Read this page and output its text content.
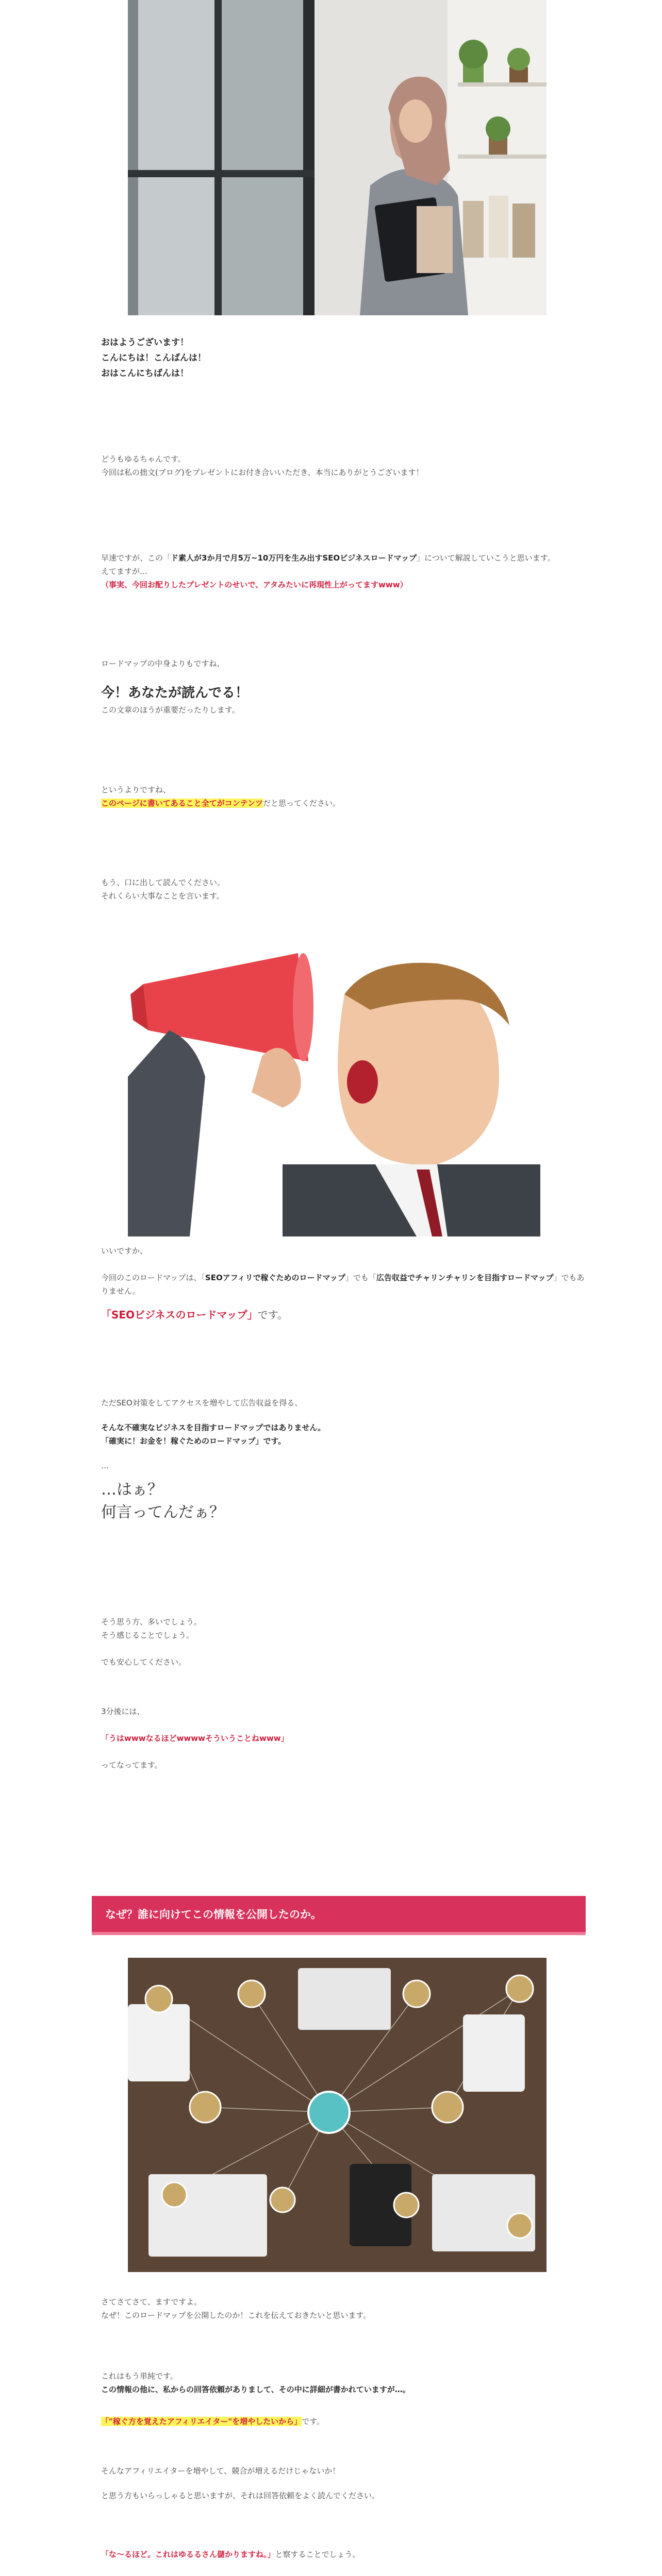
おはようございます！
こんにちは！こんばんは！
おはこんにちばんは！
どうもゆるちゃんです。
今回は私の拙文(ブログ)をプレゼントにお付き合いいただき、本当にありがとうございます！
早速ですが、この「ド素人が3か月で月5万~10万円を生み出すSEOビジネスロードマップ」について解説していこうと思います。
えてますが…
（事実、今回お配りしたプレゼントのせいで、アタみたいに再現性上がってますwww）
ロードマップの中身よりもですね、
今！あなたが読んでる！
この文章のほうが重要だったりします。
というよりですね、
このページに書いてあること全てがコンテンツだと思ってください。
もう、口に出して読んでください。
それくらい大事なことを言います。
いいですか、
今回のこのロードマップは、「SEOアフィリで稼ぐためのロードマップ」でも「広告収益でチャリンチャリンを目指すロードマップ」でもありません。
「SEOビジネスのロードマップ」です。
ただSEO対策をしてアクセスを増やして広告収益を得る、
そんな不確実なビジネスを目指すロードマップではありません。
「確実に！お金を！稼ぐためのロードマップ」です。
…
…はぁ？
何言ってんだぁ？
そう思う方、多いでしょう。
そう感じることでしょう。
でも安心してください。
3分後には、
「うはwwwなるほどwwwwそういうことねwww」
ってなってます。
なぜ？誰に向けてこの情報を公開したのか。
さてさてさて、ますですよ。
なぜ！このロードマップを公開したのか！これを伝えておきたいと思います。
これはもう単純です。
この情報の他に、私からの回答依頼がありまして、その中に詳細が書かれていますが…。
「"稼ぐ方を覚えたアフィリエイター"を増やしたいから」です。
そんなアフィリエイターを増やして、競合が増えるだけじゃないか！
と思う方もいらっしゃると思いますが、それは回答依頼をよく読んでください。
「な～るほど。これはゆるるさん儲かりますね。」と察することでしょう。
